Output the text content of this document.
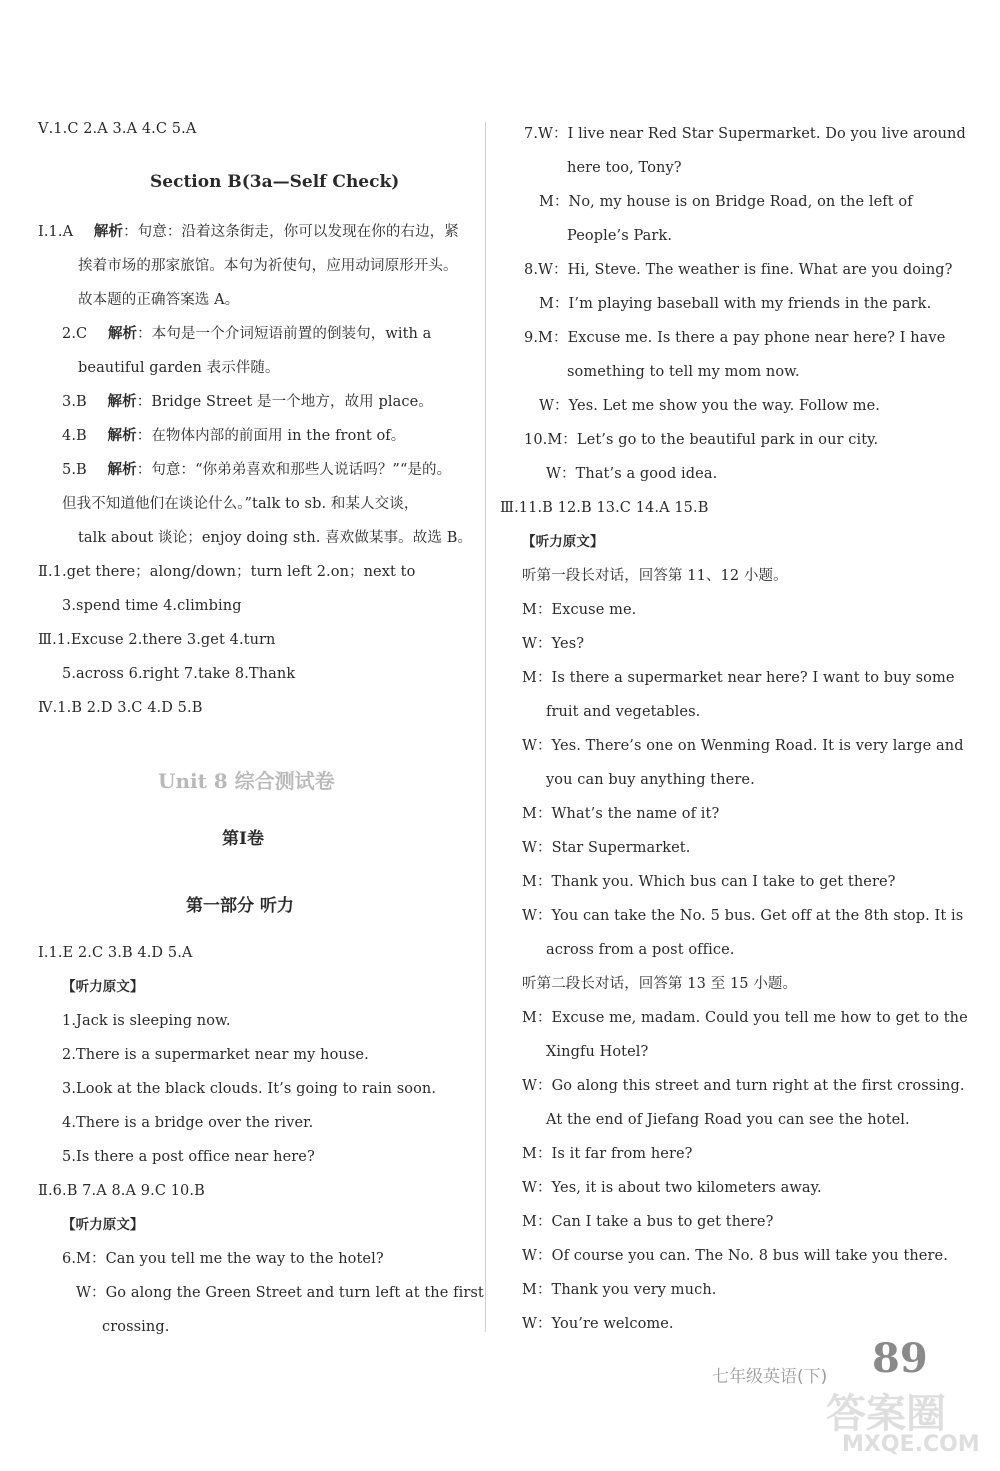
Ⅴ.1.C 2.A 3.A 4.C 5.A
Section B(3a—Self Check)
Ⅰ.1.A 解析：句意：沿着这条街走，你可以发现在你的右边，紧
挨着市场的那家旅馆。本句为祈使句，应用动词原形开头。
故本题的正确答案选 A。
2.C 解析：本句是一个介词短语前置的倒装句，with a
beautiful garden 表示伴随。
3.B 解析：Bridge Street 是一个地方，故用 place。
4.B 解析：在物体内部的前面用 in the front of。
5.B 解析：句意：“你弟弟喜欢和那些人说话吗？”“是的。
但我不知道他们在谈论什么。”talk to sb. 和某人交谈，
talk about 谈论；enjoy doing sth. 喜欢做某事。故选 B。
Ⅱ.1.get there；along/down；turn left 2.on；next to
3.spend time 4.climbing
Ⅲ.1.Excuse 2.there 3.get 4.turn
5.across 6.right 7.take 8.Thank
Ⅳ.1.B 2.D 3.C 4.D 5.B
Unit 8 综合测试卷
第Ⅰ卷
第一部分 听力
Ⅰ.1.E 2.C 3.B 4.D 5.A
【听力原文】
1.Jack is sleeping now.
2.There is a supermarket near my house.
3.Look at the black clouds. It’s going to rain soon.
4.There is a bridge over the river.
5.Is there a post office near here?
Ⅱ.6.B 7.A 8.A 9.C 10.B
【听力原文】
6.M：Can you tell me the way to the hotel?
W：Go along the Green Street and turn left at the first
crossing.
7.W：I live near Red Star Supermarket. Do you live around
here too, Tony?
M：No, my house is on Bridge Road, on the left of
People’s Park.
8.W：Hi, Steve. The weather is fine. What are you doing?
M：I’m playing baseball with my friends in the park.
9.M：Excuse me. Is there a pay phone near here? I have
something to tell my mom now.
W：Yes. Let me show you the way. Follow me.
10.M：Let’s go to the beautiful park in our city.
W：That’s a good idea.
Ⅲ.11.B 12.B 13.C 14.A 15.B
【听力原文】
听第一段长对话，回答第 11、12 小题。
M：Excuse me.
W：Yes?
M：Is there a supermarket near here? I want to buy some
fruit and vegetables.
W：Yes. There’s one on Wenming Road. It is very large and
you can buy anything there.
M：What’s the name of it?
W：Star Supermarket.
M：Thank you. Which bus can I take to get there?
W：You can take the No. 5 bus. Get off at the 8th stop. It is
across from a post office.
听第二段长对话，回答第 13 至 15 小题。
M：Excuse me, madam. Could you tell me how to get to the
Xingfu Hotel?
W：Go along this street and turn right at the first crossing.
At the end of Jiefang Road you can see the hotel.
M：Is it far from here?
W：Yes, it is about two kilometers away.
M：Can I take a bus to get there?
W：Of course you can. The No. 8 bus will take you there.
M：Thank you very much.
W：You’re welcome.
七年级英语(下) 89
答案圈
MXQE.COM
